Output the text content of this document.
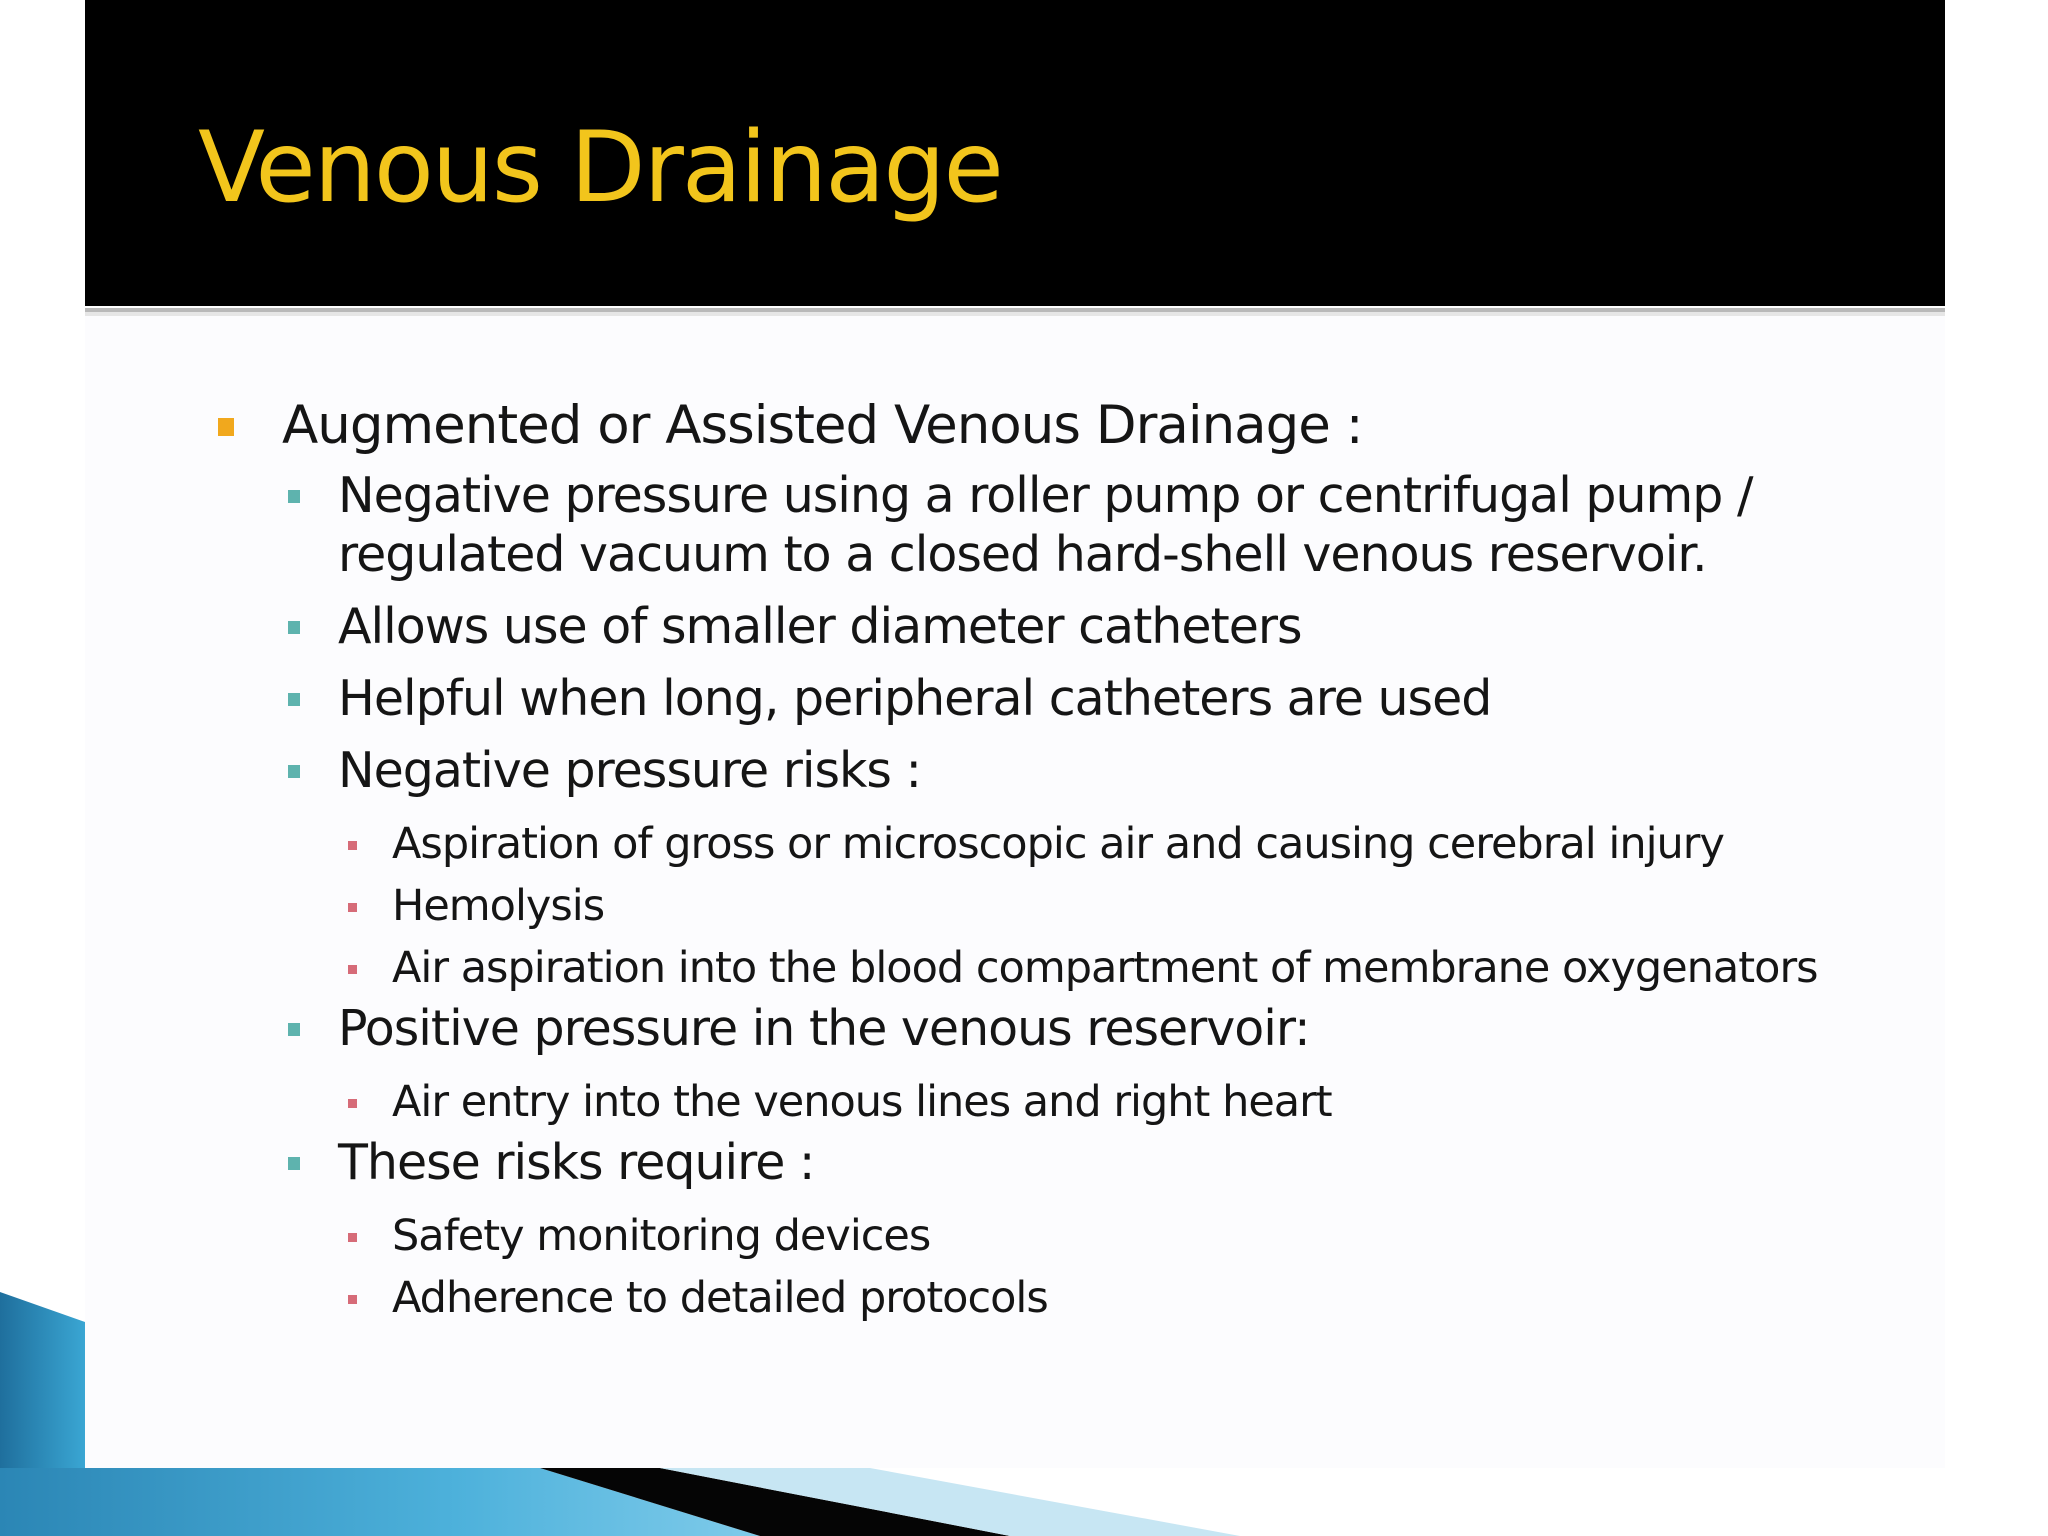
Venous Drainage
Augmented or Assisted Venous Drainage :
Negative pressure using a roller pump or centrifugal pump / regulated vacuum to a closed hard-shell venous reservoir.
Allows use of smaller diameter catheters
Helpful when long, peripheral catheters are used
Negative pressure risks :
Aspiration of gross or microscopic air and causing cerebral injury
Hemolysis
Air aspiration into the blood compartment of membrane oxygenators
Positive pressure in the venous reservoir:
Air entry into the venous lines and right heart
These risks require :
Safety monitoring devices
Adherence to detailed protocols
